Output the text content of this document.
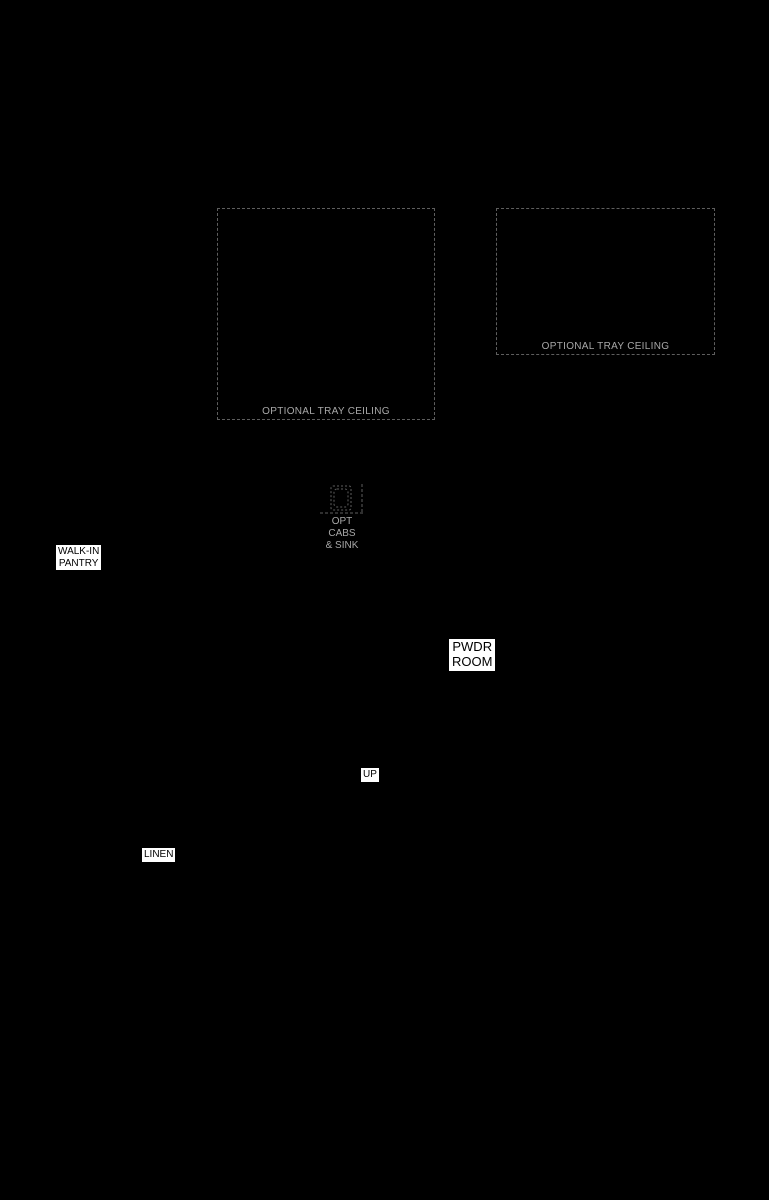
OPTIONAL TRAY CEILING
OPTIONAL TRAY CEILING
OPT
CABS
& SINK
WALK-IN
PANTRY
PWDR
ROOM
UP
LINEN
